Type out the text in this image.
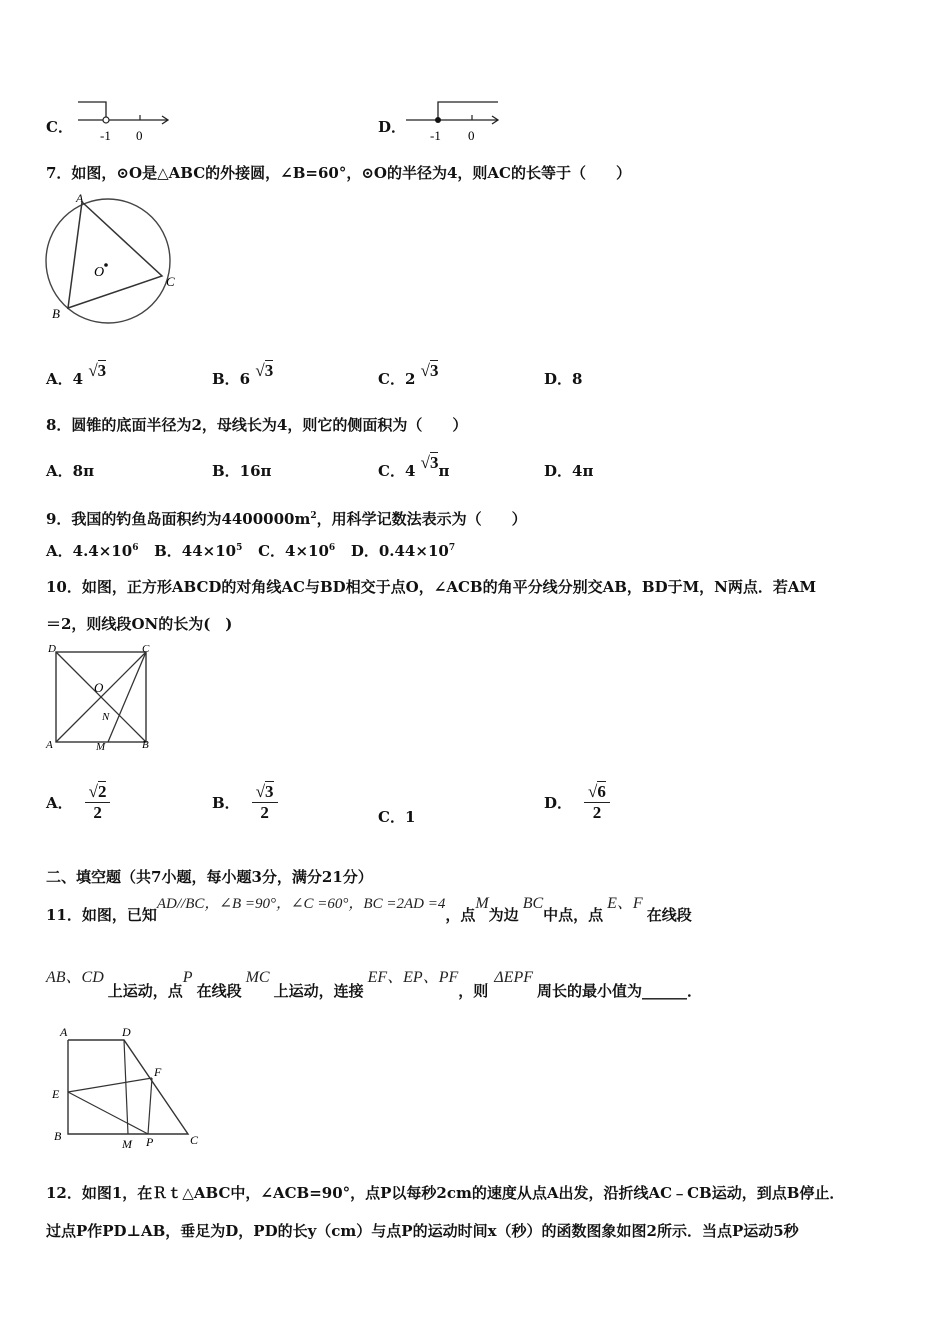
C． -1 0	D． -1 0
7．如图，⊙O是△ABC的外接圆，∠B=60°，⊙O的半径为4，则AC的长等于（　　）
A
B
C
O
A．4 √3	B．6 √3	C．2 √3	D．8
8．圆锥的底面半径为2，母线长为4，则它的侧面积为（　　）
A．8π	B．16π	C．4 √3π	D．4π
9．我国的钓鱼岛面积约为$4400000m^2$，用科学记数法表示为（　　）
A．$4.4\times 10^6$ B．$44\times 10^5$ C．$4\times 10^6$ D．$0.44\times 10^7$
10．如图，正方形ABCD的对角线AC与BD相交于点O，∠ACB的角平分线分别交AB，BD于M，N两点．若AM
＝2，则线段ON的长为(　)
D	C
A	B
O
N
M
A． $\frac{√2}{2}$	B． $\frac{√3}{2}$	C．1
D． $\frac{√6}{2}$
二、填空题（共7小题，每小题3分，满分21分）
11．如图，已知AD//BC，∠B =90°，∠C =60°，BC =2AD =4，点M为边BC中点，点E、F在线段
AB、CD上运动，点P在线段MC上运动，连接EF、EP、PF，则ΔEPF周长的最小值为______．
A	D
F
E
B
M P	C
12．如图1，在Ｒｔ△ABC中，∠ACB=90°，点P以每秒2cm的速度从点A出发，沿折线AC﹣CB运动，到点B停止．
过点P作PD⊥AB，垂足为D，PD的长y（cm）与点P的运动时间x（秒）的函数图象如图2所示．当点P运动5秒
